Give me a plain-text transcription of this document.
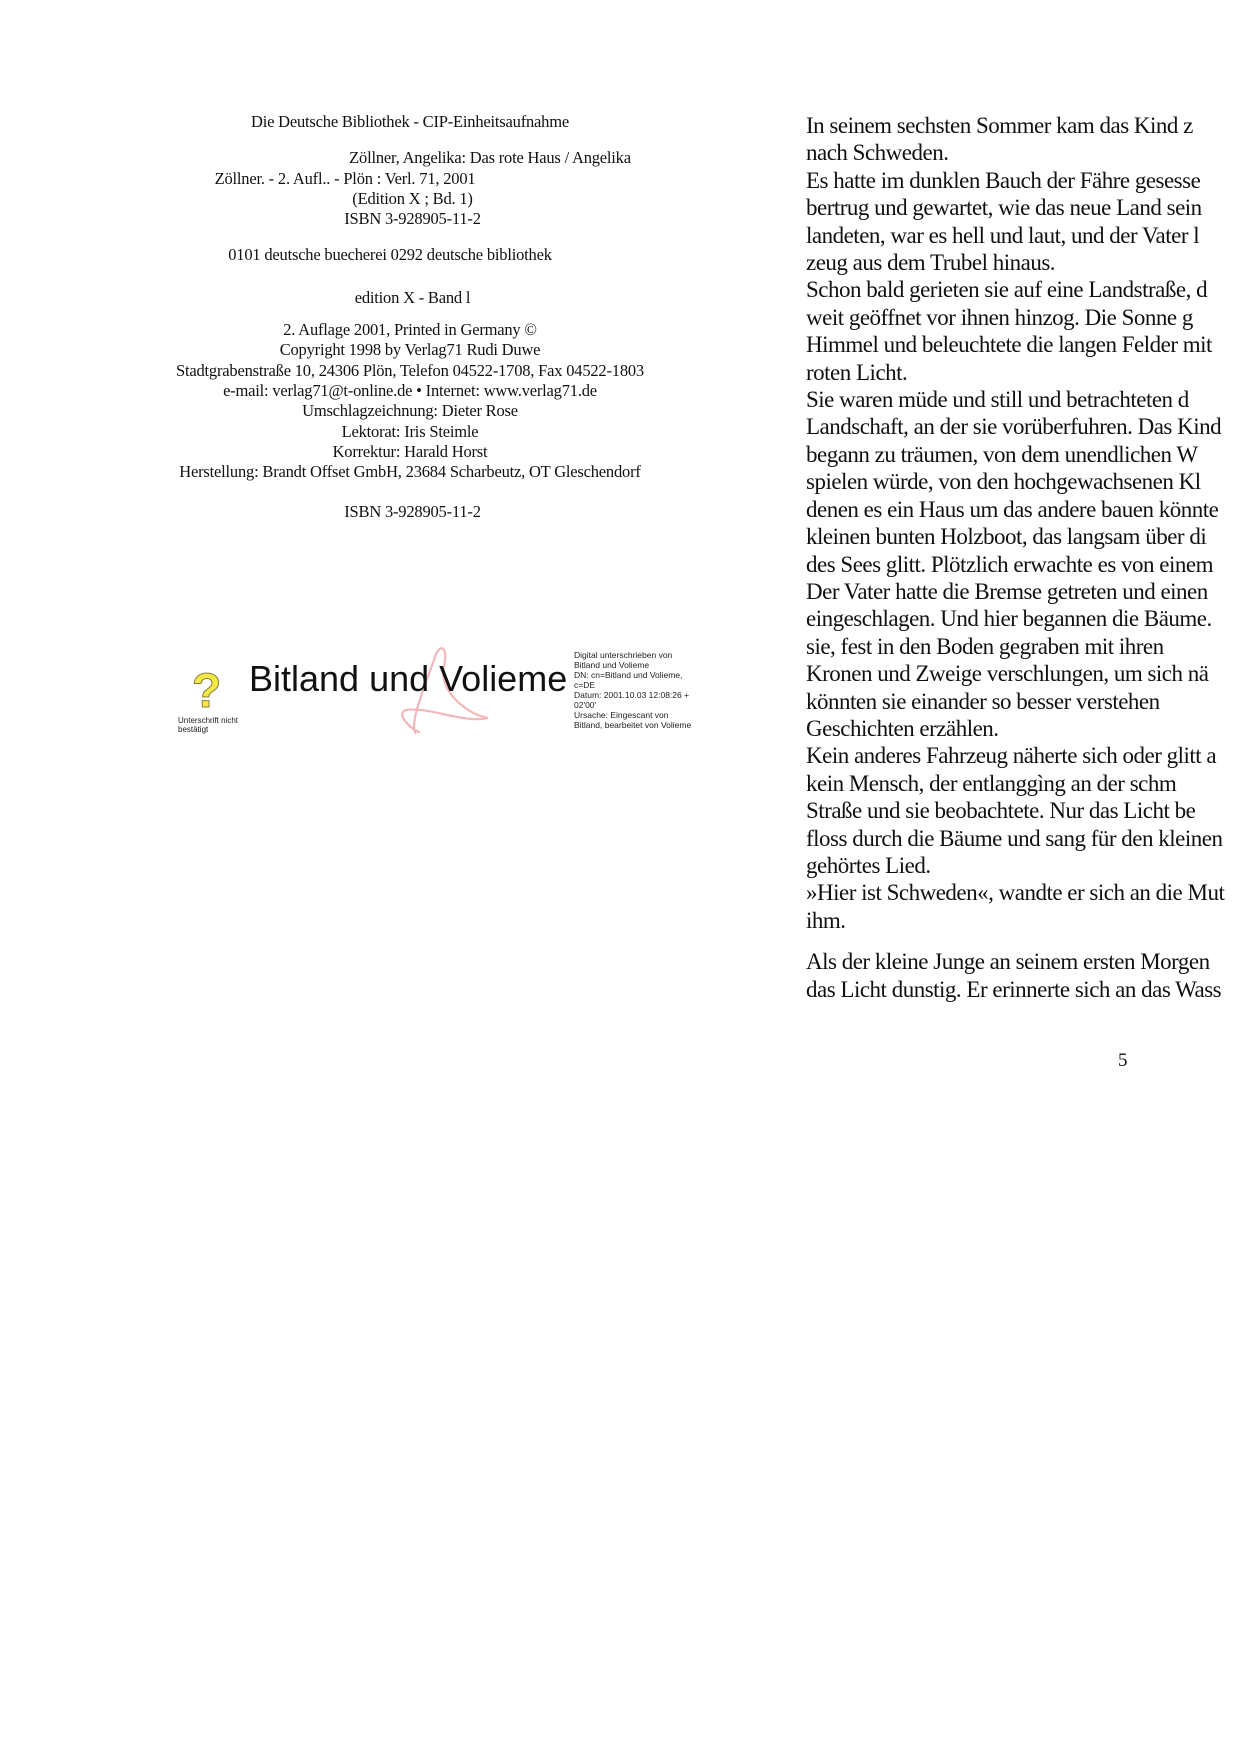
Die Deutsche Bibliothek - CIP-Einheitsaufnahme
Zöllner, Angelika: Das rote Haus / Angelika
Zöllner. - 2. Aufl.. - Plön : Verl. 71, 2001
(Edition X ; Bd. 1)
ISBN 3-928905-11-2
0101 deutsche buecherei 0292 deutsche bibliothek
edition X - Band l
2. Auflage 2001, Printed in Germany ©
Copyright 1998 by Verlag71 Rudi Duwe
Stadtgrabenstraße 10, 24306 Plön, Telefon 04522-1708, Fax 04522-1803
e-mail: verlag71@t-online.de • Internet: www.verlag71.de
Umschlagzeichnung: Dieter Rose
Lektorat: Iris Steimle
Korrektur: Harald Horst
Herstellung: Brandt Offset GmbH, 23684 Scharbeutz, OT Gleschendorf
ISBN 3-928905-11-2
?
Unterschrift nicht bestätigt
Bitland und Volieme
Digital unterschrieben von
Bitland und Volieme
DN: cn=Bitland und Volieme,
c=DE
Datum: 2001.10.03 12:08:26 +
02'00'
Ursache: Eingescant von
Bitland, bearbeitet von Volieme
In seinem sechsten Sommer kam das Kind z
nach Schweden.
Es hatte im dunklen Bauch der Fähre gesesse
bertrug und gewartet, wie das neue Land sein
landeten, war es hell und laut, und der Vater l
zeug aus dem Trubel hinaus.
Schon bald gerieten sie auf eine Landstraße, d
weit geöffnet vor ihnen hinzog. Die Sonne g
Himmel und beleuchtete die langen Felder mit
roten Licht.
Sie waren müde und still und betrachteten d
Landschaft, an der sie vorüberfuhren. Das Kind
begann zu träumen, von dem unendlichen W
spielen würde, von den hochgewachsenen Kl
denen es ein Haus um das andere bauen könnte
kleinen bunten Holzboot, das langsam über di
des Sees glitt. Plötzlich erwachte es von einem
Der Vater hatte die Bremse getreten und einen
eingeschlagen. Und hier begannen die Bäume.
sie, fest in den Boden gegraben mit ihren
Kronen und Zweige verschlungen, um sich nä
könnten sie einander so besser verstehen
Geschichten erzählen.
Kein anderes Fahrzeug näherte sich oder glitt a
kein Mensch, der entlanggìng an der schm
Straße und sie beobachtete. Nur das Licht be
floss durch die Bäume und sang für den kleinen
gehörtes Lied.
»Hier ist Schweden«, wandte er sich an die Mut
ihm.
Als der kleine Junge an seinem ersten Morgen
das Licht dunstig. Er erinnerte sich an das Wass
5
